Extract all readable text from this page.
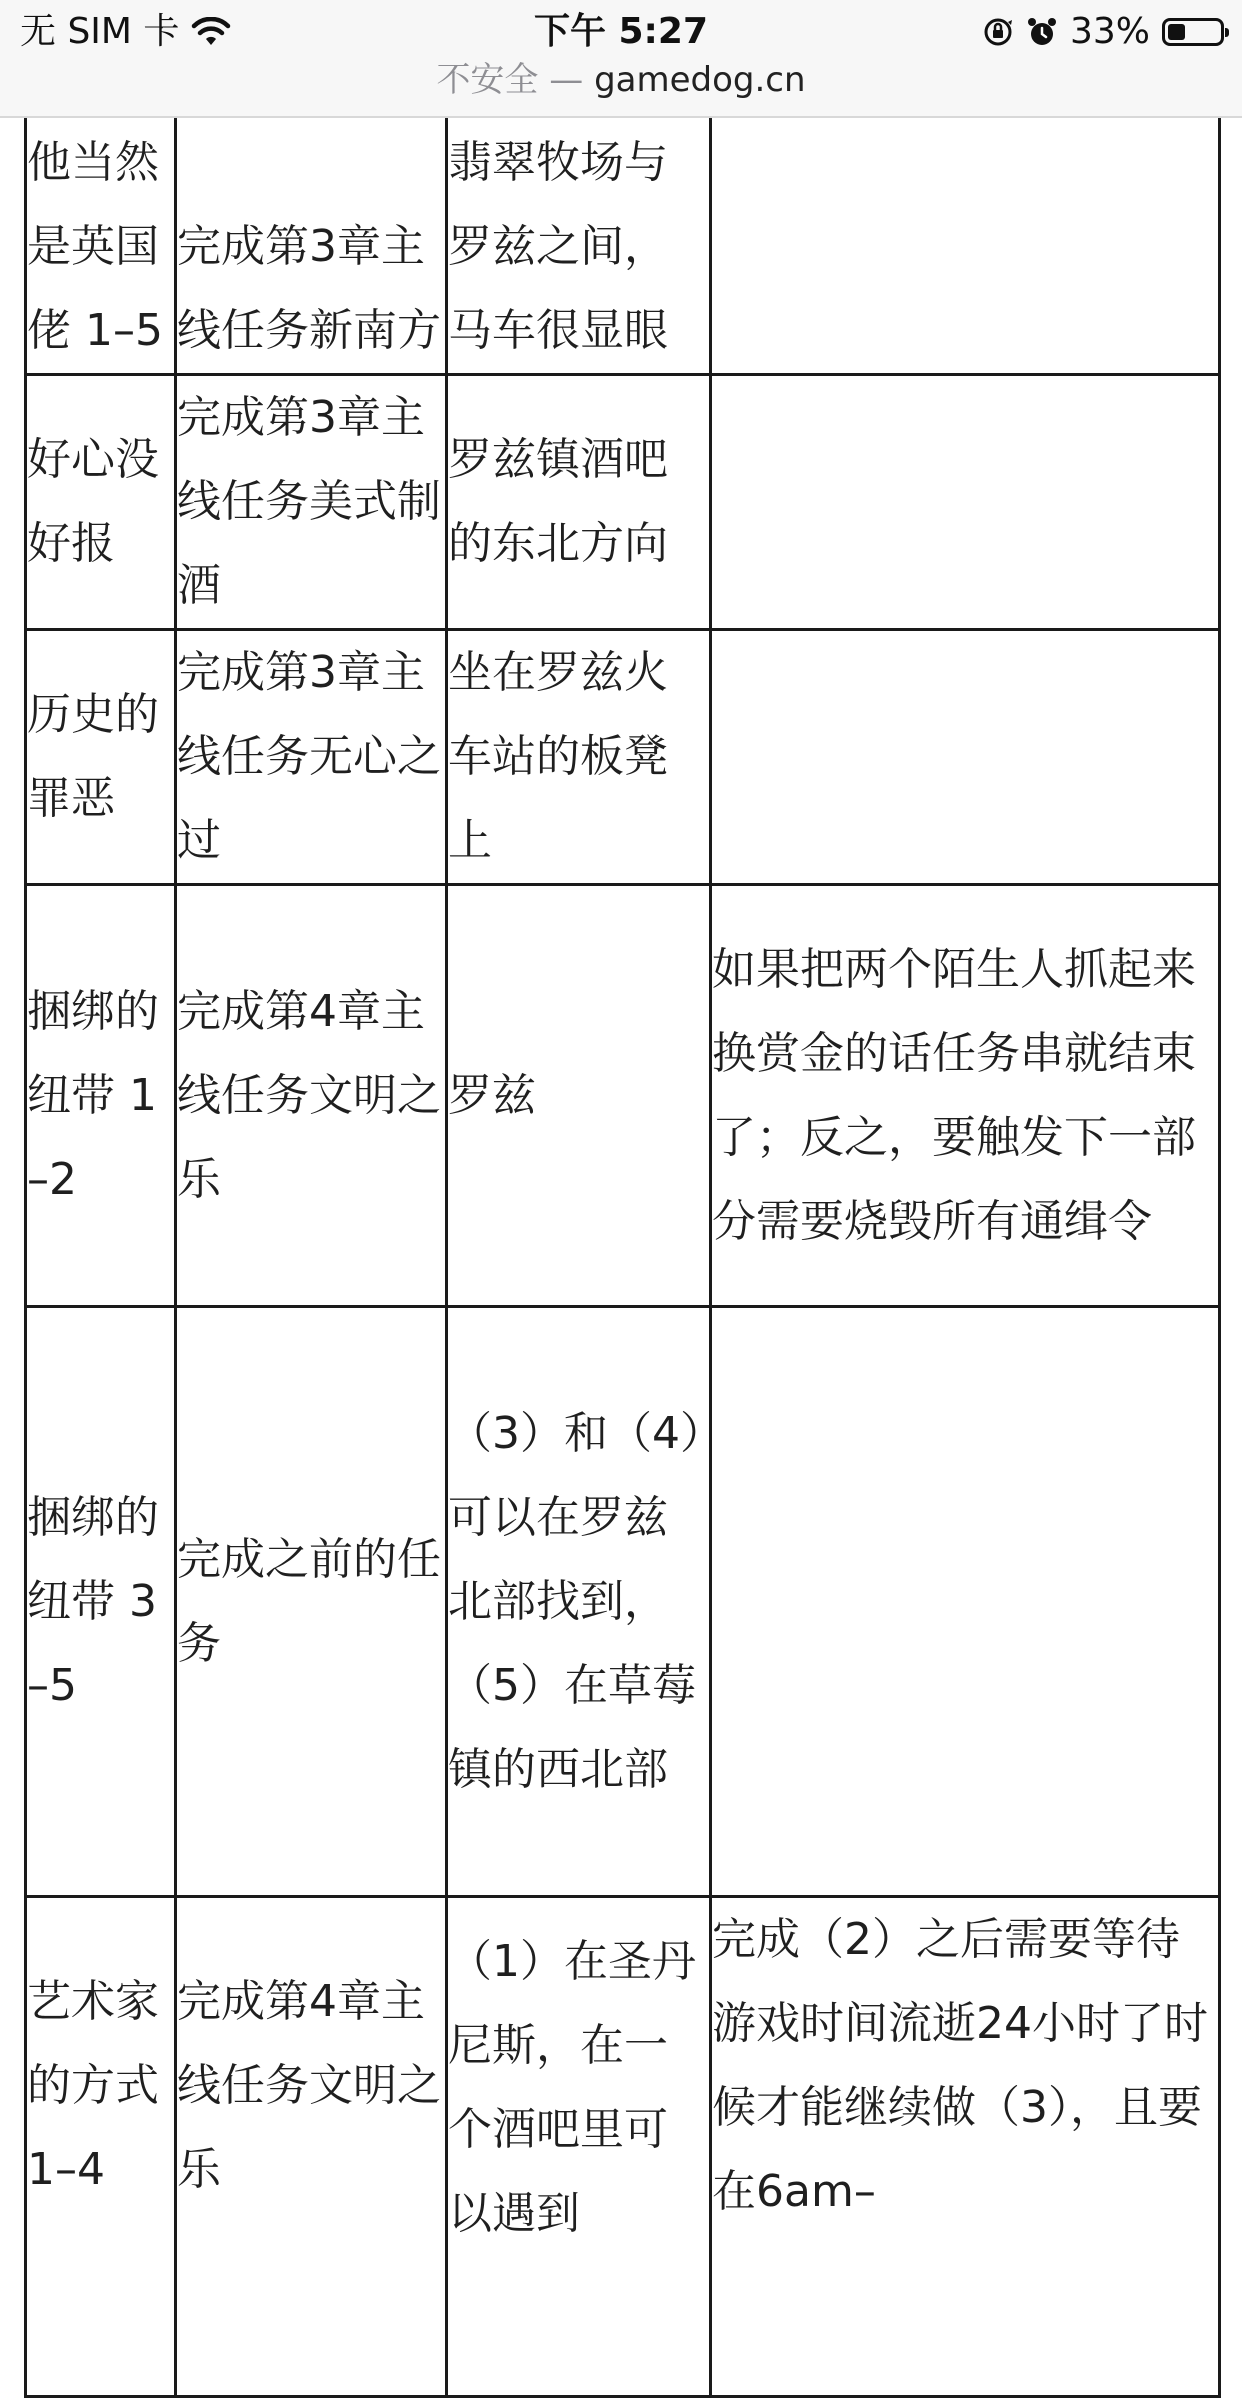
无 SIM 卡	下午 5:27	33%
不安全 — gamedog.cn
他当然是英国佬 1–5	完成第3章主线任务新南方	翡翠牧场与罗兹之间，马车很显眼	
好心没好报	完成第3章主线任务美式制酒	罗兹镇酒吧的东北方向	
历史的罪恶	完成第3章主线任务无心之过	坐在罗兹火车站的板凳上	
捆绑的纽带 1–2	完成第4章主线任务文明之乐	罗兹	如果把两个陌生人抓起来换赏金的话任务串就结束了；反之，要触发下一部分需要烧毁所有通缉令
捆绑的纽带 3–5	完成之前的任务	（3）和（4）可以在罗兹北部找到，（5）在草莓镇的西北部	
艺术家的方式 1–4	完成第4章主线任务文明之乐	（1）在圣丹尼斯，在一个酒吧里可以遇到	完成（2）之后需要等待游戏时间流逝24小时了时候才能继续做（3），且要在6am–
